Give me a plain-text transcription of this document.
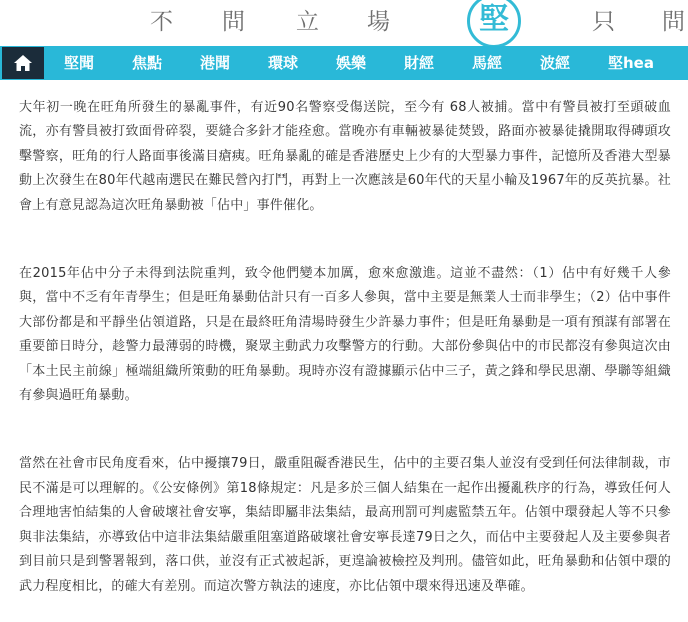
不 問 立 場	堅	只 問
堅聞	焦點	港聞	環球	娛樂	財經	馬經	波經	堅hea

大年初一晚在旺角所發生的暴亂事件，有近90名警察受傷送院，至今有 68人被捕。當中有警員被打至頭破血流，亦有警員被打致面骨碎裂，要縫合多針才能痊愈。當晚亦有車輛被暴徒焚毀，路面亦被暴徒撬開取得磚頭攻擊警察，旺角的行人路面事後滿目瘡痍。旺角暴亂的確是香港歷史上少有的大型暴力事件，記憶所及香港大型暴動上次發生在80年代越南選民在難民營內打鬥，再對上一次應該是60年代的天星小輪及1967年的反英抗暴。社會上有意見認為這次旺角暴動被「佔中」事件催化。

在2015年佔中分子未得到法院重判，致令他們變本加厲，愈來愈激進。這並不盡然：（1）佔中有好幾千人參與，當中不乏有年青學生；但是旺角暴動估計只有一百多人參與，當中主要是無業人士而非學生；（2）佔中事件大部份都是和平靜坐佔領道路，只是在最終旺角清場時發生少許暴力事件；但是旺角暴動是一項有預謀有部署在重要節日時分，趁警力最薄弱的時機，聚眾主動武力攻擊警方的行動。大部份參與佔中的市民都沒有參與這次由「本土民主前線」極端組織所策動的旺角暴動。現時亦沒有證據顯示佔中三子，黃之鋒和學民思潮、學聯等組織有參與過旺角暴動。

當然在社會市民角度看來，佔中擾攘79日，嚴重阻礙香港民生，佔中的主要召集人並沒有受到任何法律制裁，市民不滿是可以理解的。《公安條例》第18條規定：凡是多於三個人結集在一起作出擾亂秩序的行為，導致任何人合理地害怕結集的人會破壞社會安寧，集結即屬非法集結，最高刑罰可判處監禁五年。佔領中環發起人等不只參與非法集結，亦導致佔中這非法集結嚴重阻塞道路破壞社會安寧長達79日之久，而佔中主要發起人及主要參與者到目前只是到警署報到，落口供，並沒有正式被起訴，更遑論被檢控及判刑。儘管如此，旺角暴動和佔領中環的武力程度相比，的確大有差別。而這次警方執法的速度，亦比佔領中環來得迅速及準確。
